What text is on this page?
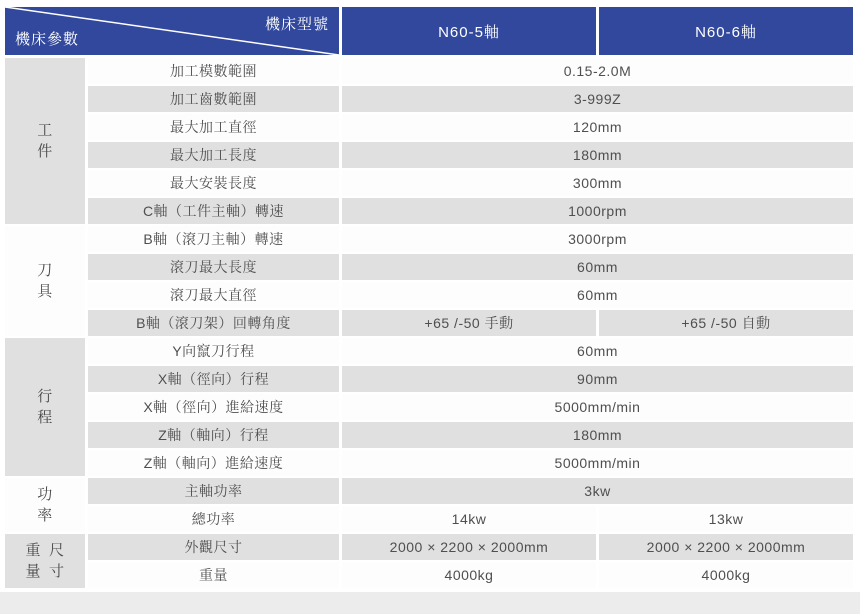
機床型號
機床參數	N60-5軸	N60-6軸
工
件
加工模數範圍	0.15-2.0M
加工齒數範圍	3-999Z
最大加工直徑	120mm
最大加工長度	180mm
最大安裝長度	300mm
C軸（工件主軸）轉速	1000rpm
刀
具
B軸（滾刀主軸）轉速	3000rpm
滾刀最大長度	60mm
滾刀最大直徑	60mm
B軸（滾刀架）回轉角度	+65 /-50 手動	+65 /-50 自動
行
程
Y向竄刀行程	60mm
X軸（徑向）行程	90mm
X軸（徑向）進給速度	5000mm/min
Z軸（軸向）行程	180mm
Z軸（軸向）進給速度	5000mm/min
功
率
主軸功率	3kw
總功率	14kw	13kw
重
量
尺
寸
外觀尺寸	2000 × 2200 × 2000mm	2000 × 2200 × 2000mm
重量	4000kg	4000kg
